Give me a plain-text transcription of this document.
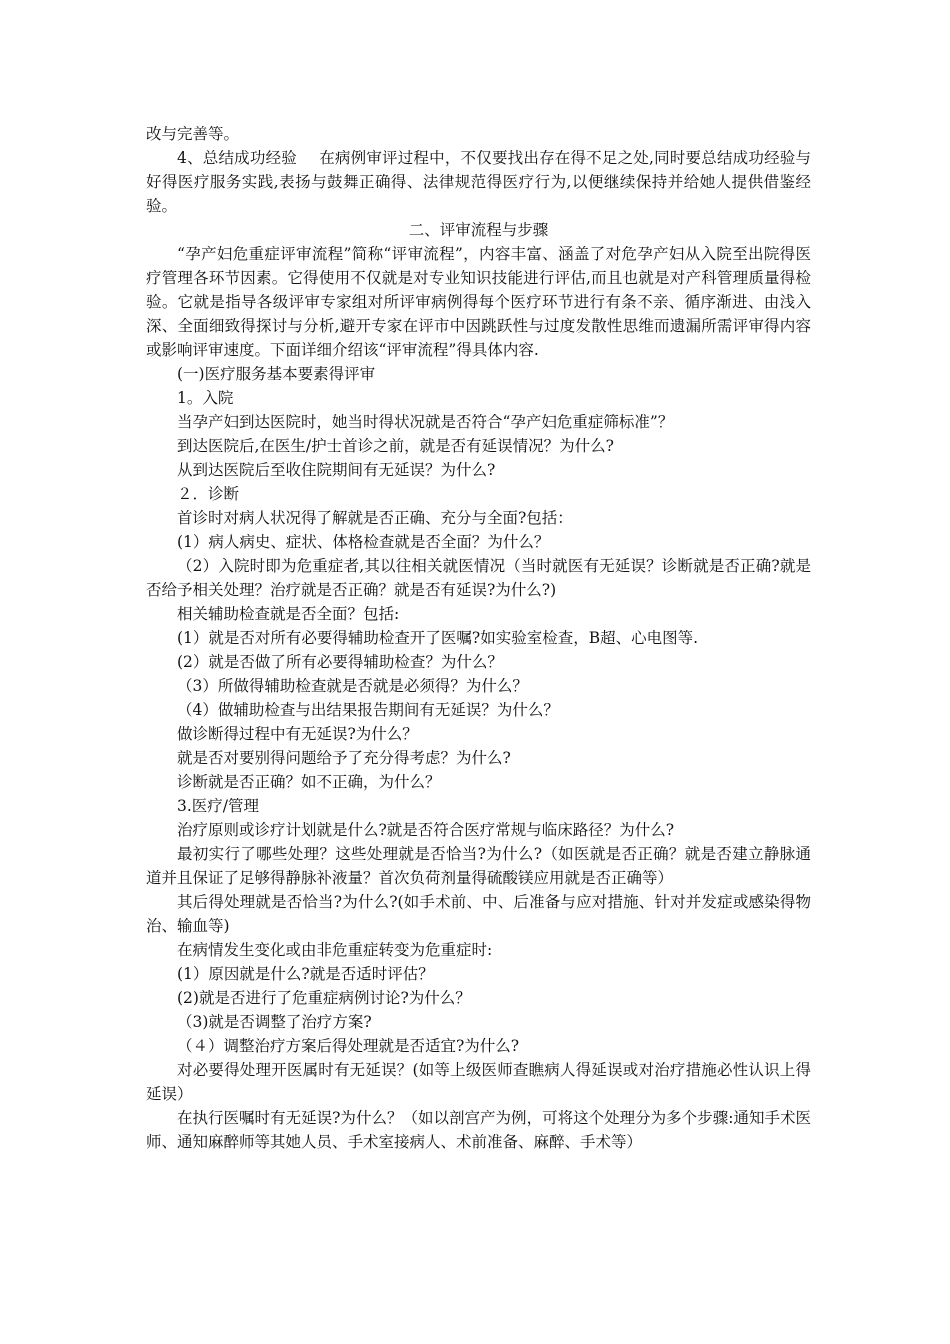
改与完善等。

4、总结成功经验 在病例审评过程中，不仅要找出存在得不足之处,同时要总结成功经验与好得医疗服务实践,表扬与鼓舞正确得、法律规范得医疗行为,以便继续保持并给她人提供借鉴经验。

二、评审流程与步骤

“孕产妇危重症评审流程”简称“评审流程”，内容丰富、涵盖了对危孕产妇从入院至出院得医疗管理各环节因素。它得使用不仅就是对专业知识技能进行评估,而且也就是对产科管理质量得检验。它就是指导各级评审专家组对所评审病例得每个医疗环节进行有条不亲、循序渐进、由浅入深、全面细致得探讨与分析,避开专家在评市中因跳跃性与过度发散性思维而遗漏所需评审得内容或影响评审速度。下面详细介绍该“评审流程”得具体内容.

(一)医疗服务基本要素得评审

1。入院

当孕产妇到达医院时，她当时得状况就是否符合“孕产妇危重症筛标准”？

到达医院后,在医生/护士首诊之前，就是否有延误情况？为什么?

从到达医院后至收住院期间有无延误？为什么?

２．诊断

首诊时对病人状况得了解就是否正确、充分与全面?包括：

(1）病人病史、症状、体格检查就是否全面？为什么？

（2）入院时即为危重症者,其以往相关就医情况（当时就医有无延误？诊断就是否正确?就是否给予相关处理？治疗就是否正确？就是否有延误?为什么?)

相关辅助检查就是否全面？包括:

(1）就是否对所有必要得辅助检查开了医嘱?如实验室检查，B超、心电图等.

(2）就是否做了所有必要得辅助检查？为什么？

（3）所做得辅助检查就是否就是必须得？为什么？

（4）做辅助检查与出结果报告期间有无延误？为什么？

做诊断得过程中有无延误?为什么？

就是否对要别得问题给予了充分得考虑？为什么?

诊断就是否正确？如不正确，为什么？

3.医疗/管理

治疗原则或诊疗计划就是什么?就是否符合医疗常规与临床路径？为什么?

最初实行了哪些处理？这些处理就是否恰当?为什么?（如医就是否正确？就是否建立静脉通道并且保证了足够得静脉补液量？首次负荷剂量得硫酸镁应用就是否正确等）

其后得处理就是否恰当?为什么?(如手术前、中、后准备与应对措施、针对并发症或感染得物治、输血等)

在病情发生变化或由非危重症转变为危重症时:

(1）原因就是什么?就是否适时评估？

(2)就是否进行了危重症病例讨论?为什么？

（3)就是否调整了治疗方案?

（４）调整治疗方案后得处理就是否适宜?为什么?

对必要得处理开医属时有无延误？(如等上级医师查瞧病人得延误或对治疗措施必性认识上得延误）

在执行医嘱时有无延误?为什么？（如以剖宫产为例，可将这个处理分为多个步骤:通知手术医师、通知麻醉师等其她人员、手术室接病人、术前准备、麻醉、手术等）
